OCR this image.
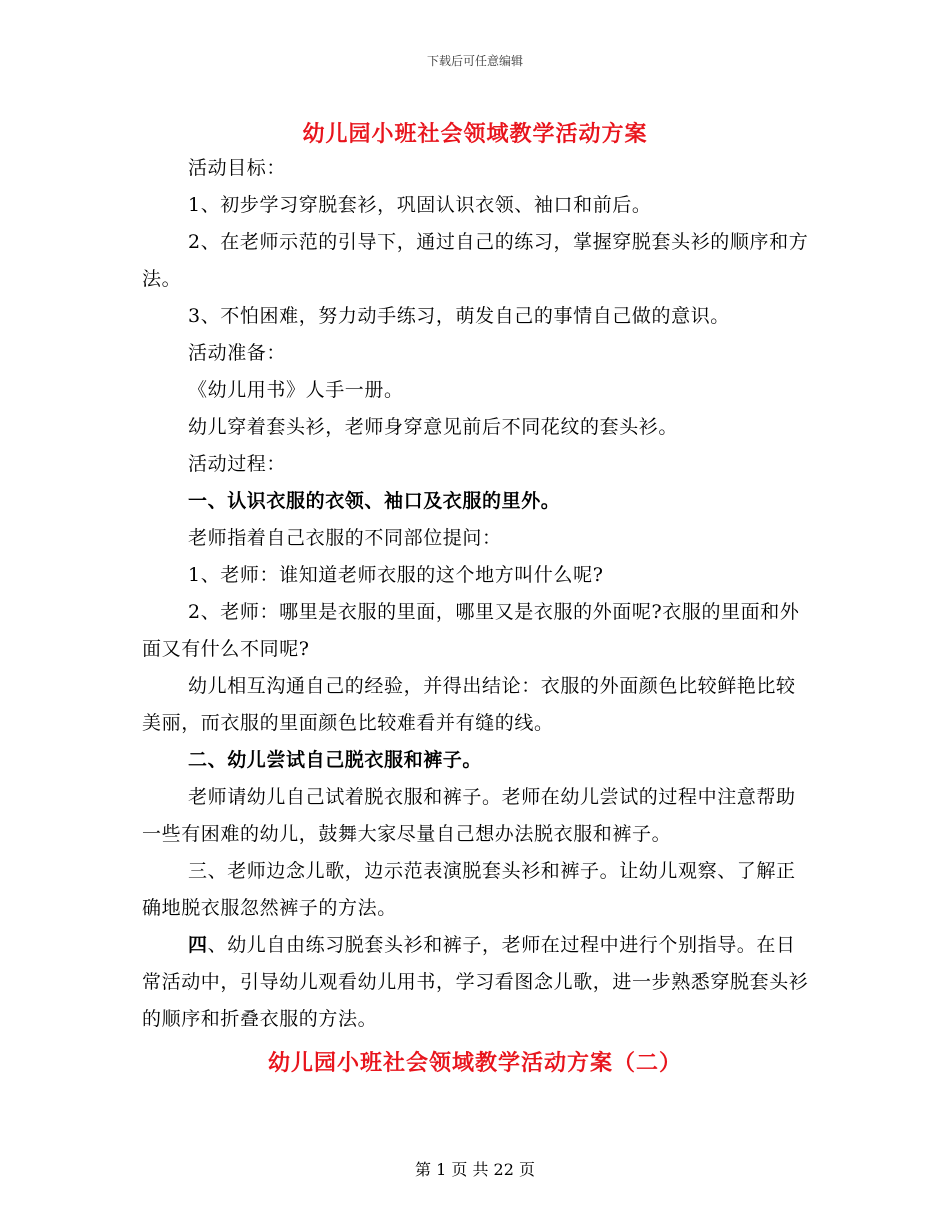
下载后可任意编辑
幼儿园小班社会领域教学活动方案

活动目标：

1、初步学习穿脱套衫，巩固认识衣领、袖口和前后。

2、在老师示范的引导下，通过自己的练习，掌握穿脱套头衫的顺序和方法。

3、不怕困难，努力动手练习，萌发自己的事情自己做的意识。

活动准备：

《幼儿用书》人手一册。

幼儿穿着套头衫，老师身穿意见前后不同花纹的套头衫。

活动过程：

一、认识衣服的衣领、袖口及衣服的里外。

老师指着自己衣服的不同部位提问：

1、老师：谁知道老师衣服的这个地方叫什么呢?

2、老师：哪里是衣服的里面，哪里又是衣服的外面呢?衣服的里面和外面又有什么不同呢?

幼儿相互沟通自己的经验，并得出结论：衣服的外面颜色比较鲜艳比较美丽，而衣服的里面颜色比较难看并有缝的线。

二、幼儿尝试自己脱衣服和裤子。

老师请幼儿自己试着脱衣服和裤子。老师在幼儿尝试的过程中注意帮助一些有困难的幼儿，鼓舞大家尽量自己想办法脱衣服和裤子。

三、老师边念儿歌，边示范表演脱套头衫和裤子。让幼儿观察、了解正确地脱衣服忽然裤子的方法。

四、幼儿自由练习脱套头衫和裤子，老师在过程中进行个别指导。在日常活动中，引导幼儿观看幼儿用书，学习看图念儿歌，进一步熟悉穿脱套头衫的顺序和折叠衣服的方法。

幼儿园小班社会领域教学活动方案（二）
第 1 页 共 22 页
